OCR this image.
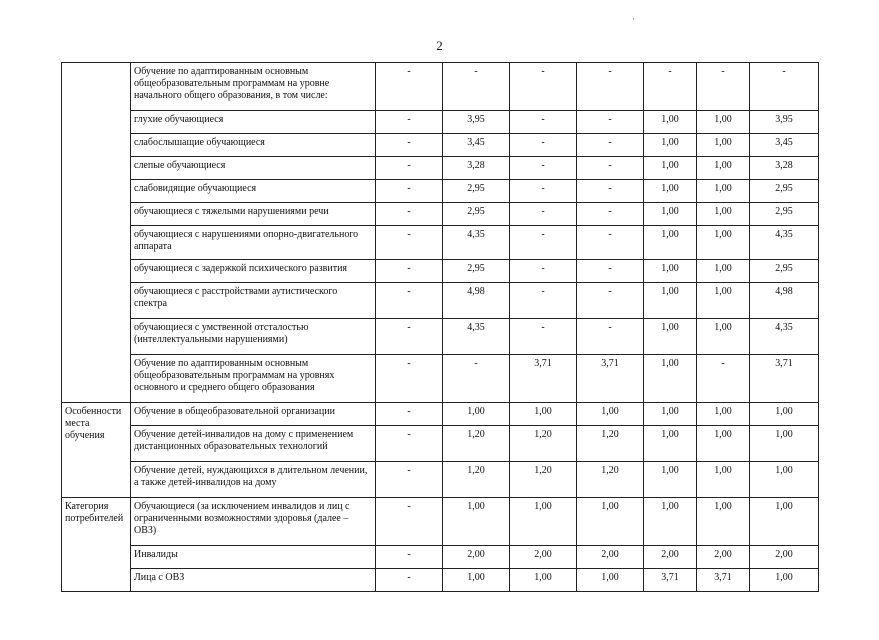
2
·
	Обучение по адаптированным основным общеобразовательным программам на уровне начального общего образования, в том числе:	-	-	-	-	-	-	-
	глухие обучающиеся	-	3,95	-	-	1,00	1,00	3,95
	слабослышащие обучающиеся	-	3,45	-	-	1,00	1,00	3,45
	слепые обучающиеся	-	3,28	-	-	1,00	1,00	3,28
	слабовидящие обучающиеся	-	2,95	-	-	1,00	1,00	2,95
	обучающиеся с тяжелыми нарушениями речи	-	2,95	-	-	1,00	1,00	2,95
	обучающиеся с нарушениями опорно-двигательного аппарата	-	4,35	-	-	1,00	1,00	4,35
	обучающиеся с задержкой психического развития	-	2,95	-	-	1,00	1,00	2,95
	обучающиеся с расстройствами аутистического спектра	-	4,98	-	-	1,00	1,00	4,98
	обучающиеся с умственной отсталостью (интеллектуальными нарушениями)	-	4,35	-	-	1,00	1,00	4,35
	Обучение по адаптированным основным общеобразовательным программам на уровнях основного и среднего общего образования	-	-	3,71	3,71	1,00	-	3,71
Особенности места обучения	Обучение в общеобразовательной организации	-	1,00	1,00	1,00	1,00	1,00	1,00
	Обучение детей-инвалидов на дому с применением дистанционных образовательных технологий	-	1,20	1,20	1,20	1,00	1,00	1,00
	Обучение детей, нуждающихся в длительном лечении, а также детей-инвалидов на дому	-	1,20	1,20	1,20	1,00	1,00	1,00
Категория потребителей	Обучающиеся (за исключением инвалидов и лиц с ограниченными возможностями здоровья (далее – ОВЗ)	-	1,00	1,00	1,00	1,00	1,00	1,00
	Инвалиды	-	2,00	2,00	2,00	2,00	2,00	2,00
	Лица с ОВЗ	-	1,00	1,00	1,00	3,71	3,71	1,00
